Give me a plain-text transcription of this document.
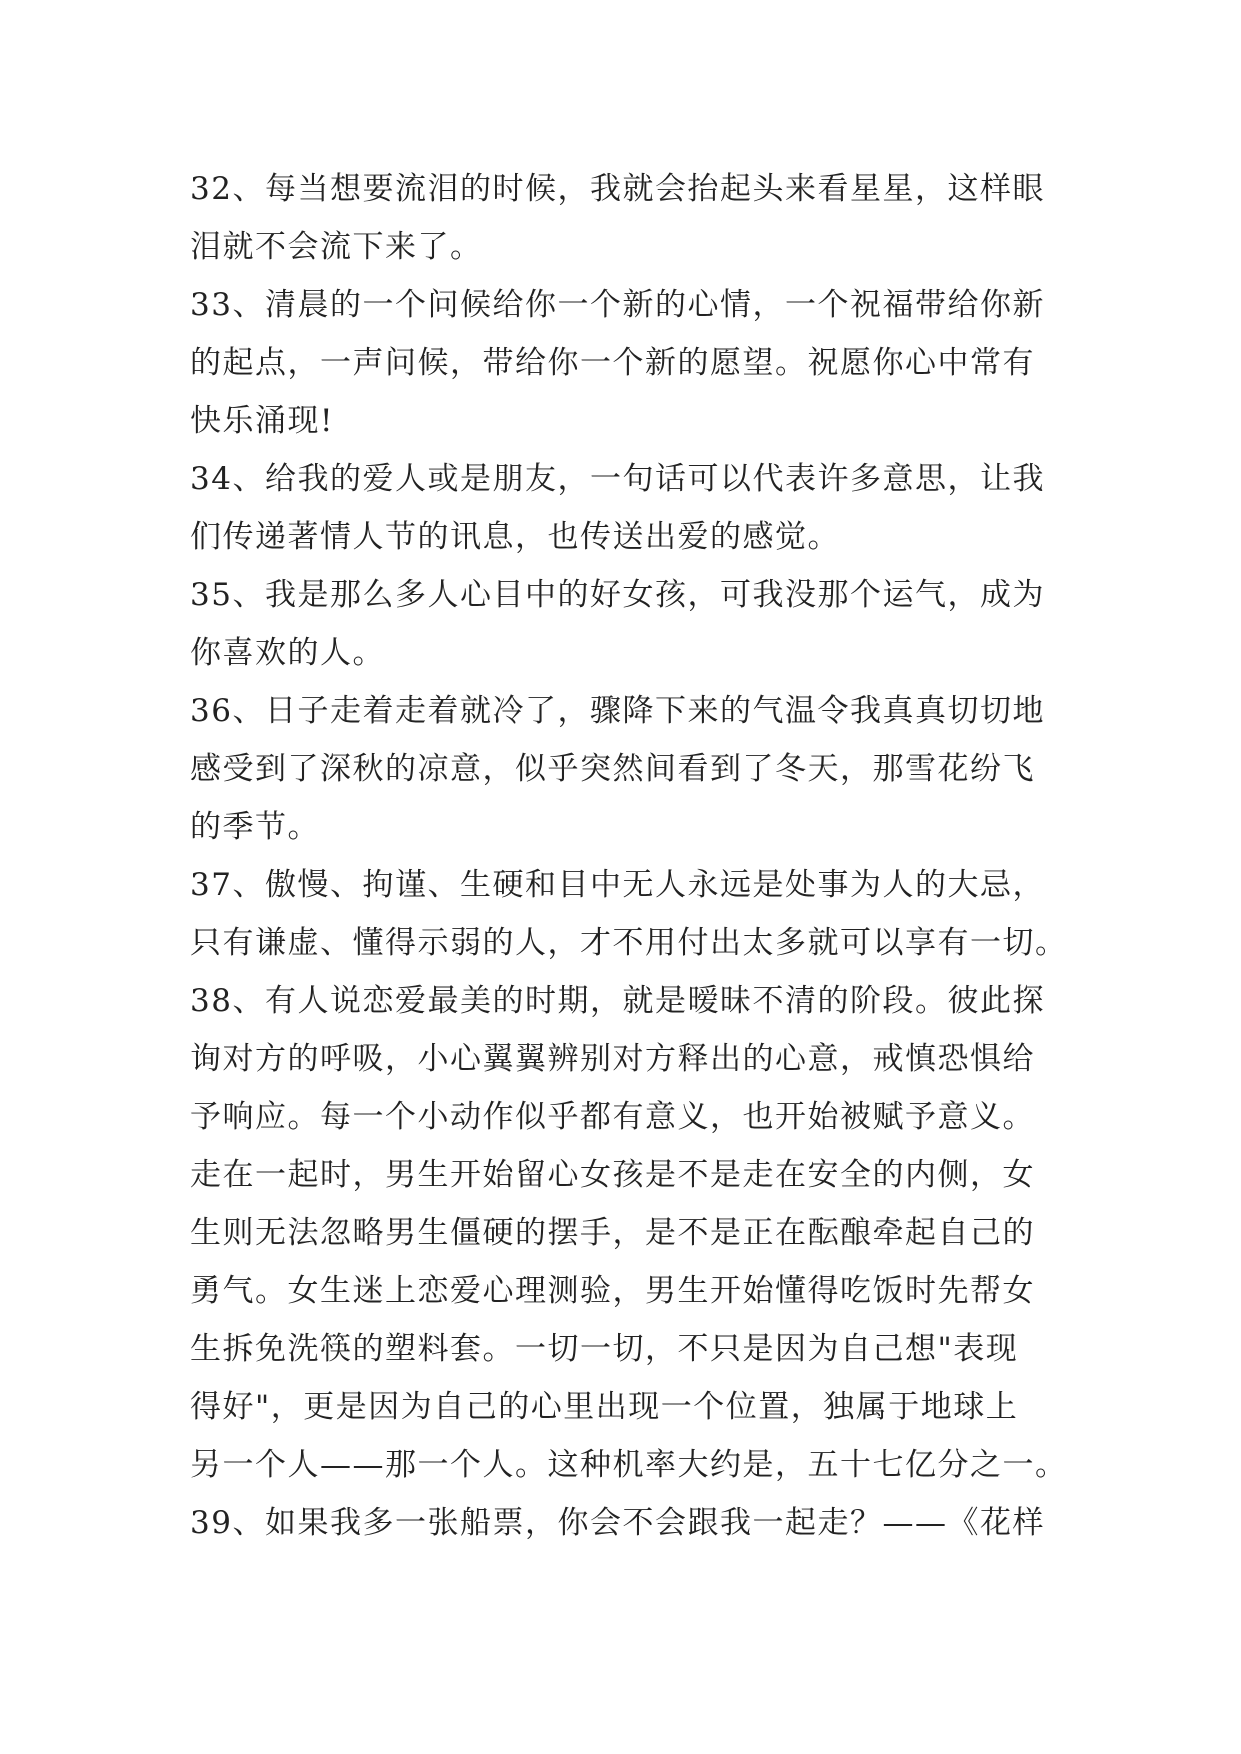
32、每当想要流泪的时候，我就会抬起头来看星星，这样眼
泪就不会流下来了。
33、清晨的一个问候给你一个新的心情，一个祝福带给你新
的起点，一声问候，带给你一个新的愿望。祝愿你心中常有
快乐涌现!
34、给我的爱人或是朋友，一句话可以代表许多意思，让我
们传递著情人节的讯息，也传送出爱的感觉。
35、我是那么多人心目中的好女孩，可我没那个运气，成为
你喜欢的人。
36、日子走着走着就冷了，骤降下来的气温令我真真切切地
感受到了深秋的凉意，似乎突然间看到了冬天，那雪花纷飞
的季节。
37、傲慢、拘谨、生硬和目中无人永远是处事为人的大忌，
只有谦虚、懂得示弱的人，才不用付出太多就可以享有一切。
38、有人说恋爱最美的时期，就是暧昧不清的阶段。彼此探
询对方的呼吸，小心翼翼辨别对方释出的心意，戒慎恐惧给
予响应。每一个小动作似乎都有意义，也开始被赋予意义。
走在一起时，男生开始留心女孩是不是走在安全的内侧，女
生则无法忽略男生僵硬的摆手，是不是正在酝酿牵起自己的
勇气。女生迷上恋爱心理测验，男生开始懂得吃饭时先帮女
生拆免洗筷的塑料套。一切一切，不只是因为自己想"表现
得好"，更是因为自己的心里出现一个位置，独属于地球上
另一个人——那一个人。这种机率大约是，五十七亿分之一。
39、如果我多一张船票，你会不会跟我一起走？——《花样
